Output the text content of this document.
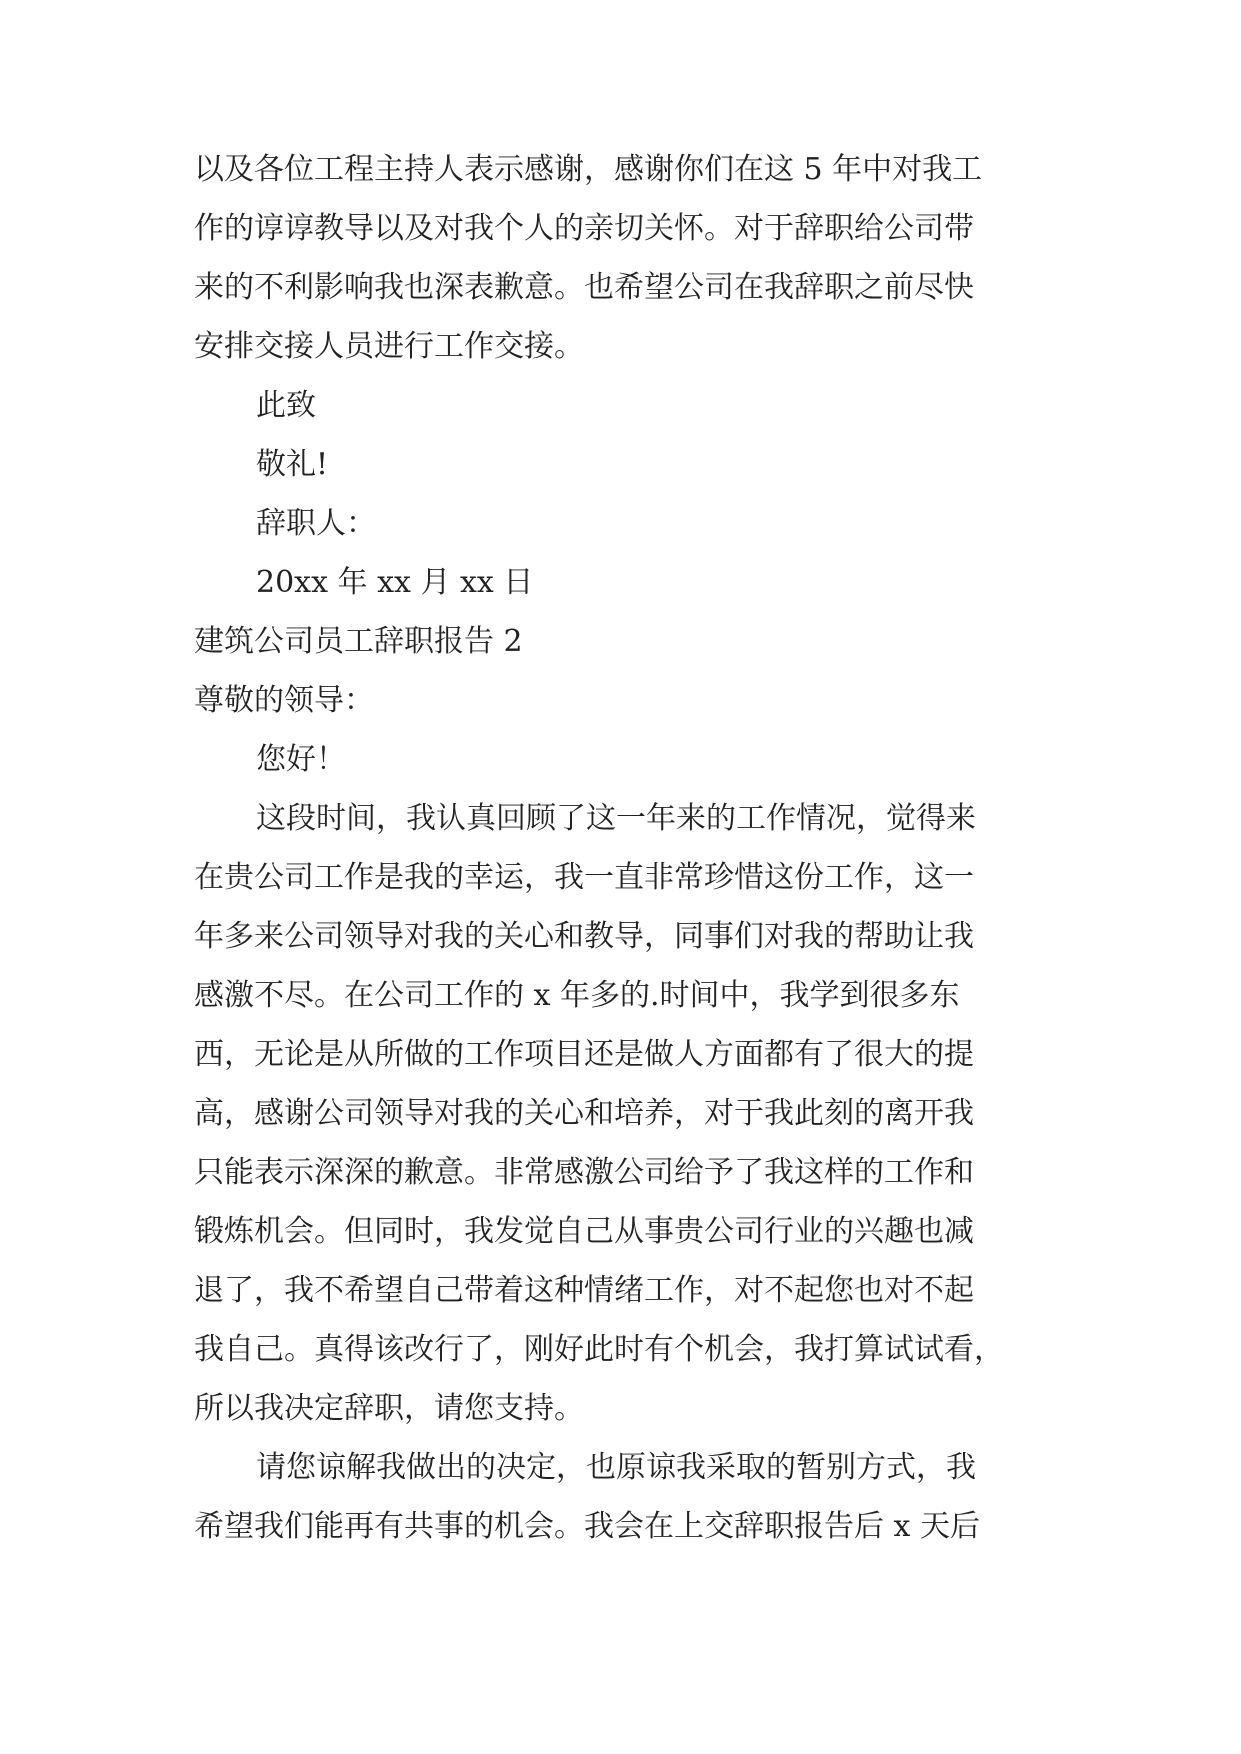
以及各位工程主持人表示感谢，感谢你们在这 5 年中对我工
作的谆谆教导以及对我个人的亲切关怀。对于辞职给公司带
来的不利影响我也深表歉意。也希望公司在我辞职之前尽快
安排交接人员进行工作交接。
此致
敬礼!
辞职人：
20xx 年 xx 月 xx 日
建筑公司员工辞职报告 2
尊敬的领导：
您好！
这段时间，我认真回顾了这一年来的工作情况，觉得来
在贵公司工作是我的幸运，我一直非常珍惜这份工作，这一
年多来公司领导对我的关心和教导，同事们对我的帮助让我
感激不尽。在公司工作的 x 年多的.时间中，我学到很多东
西，无论是从所做的工作项目还是做人方面都有了很大的提
高，感谢公司领导对我的关心和培养，对于我此刻的离开我
只能表示深深的歉意。非常感激公司给予了我这样的工作和
锻炼机会。但同时，我发觉自己从事贵公司行业的兴趣也减
退了，我不希望自己带着这种情绪工作，对不起您也对不起
我自己。真得该改行了，刚好此时有个机会，我打算试试看，
所以我决定辞职，请您支持。
请您谅解我做出的决定，也原谅我采取的暂别方式，我
希望我们能再有共事的机会。我会在上交辞职报告后 x 天后
